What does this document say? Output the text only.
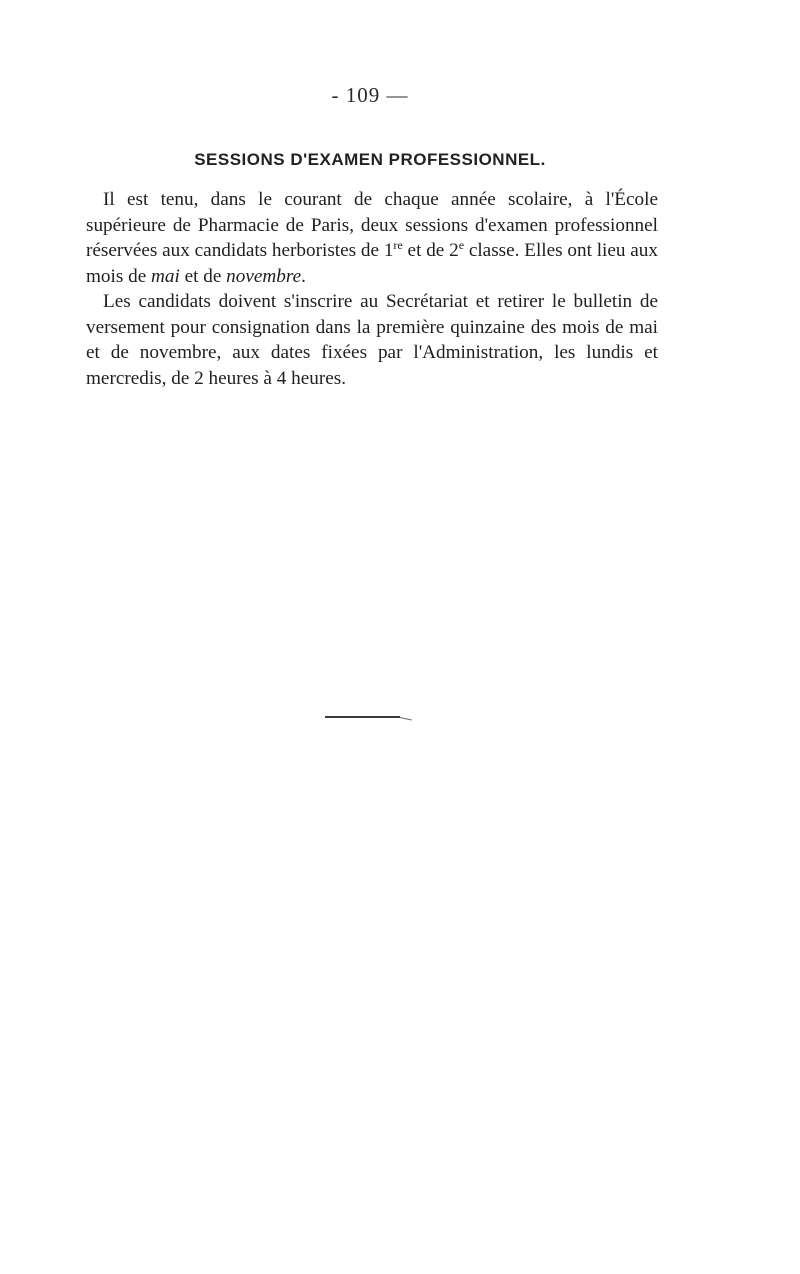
- 109 —
SESSIONS D'EXAMEN PROFESSIONNEL.

Il est tenu, dans le courant de chaque année scolaire, à l'École supérieure de Pharmacie de Paris, deux sessions d'examen professionnel réservées aux candidats herboristes de 1re et de 2e classe. Elles ont lieu aux mois de mai et de novembre.

Les candidats doivent s'inscrire au Secrétariat et retirer le bulletin de versement pour consignation dans la première quinzaine des mois de mai et de novembre, aux dates fixées par l'Administration, les lundis et mercredis, de 2 heures à 4 heures.
